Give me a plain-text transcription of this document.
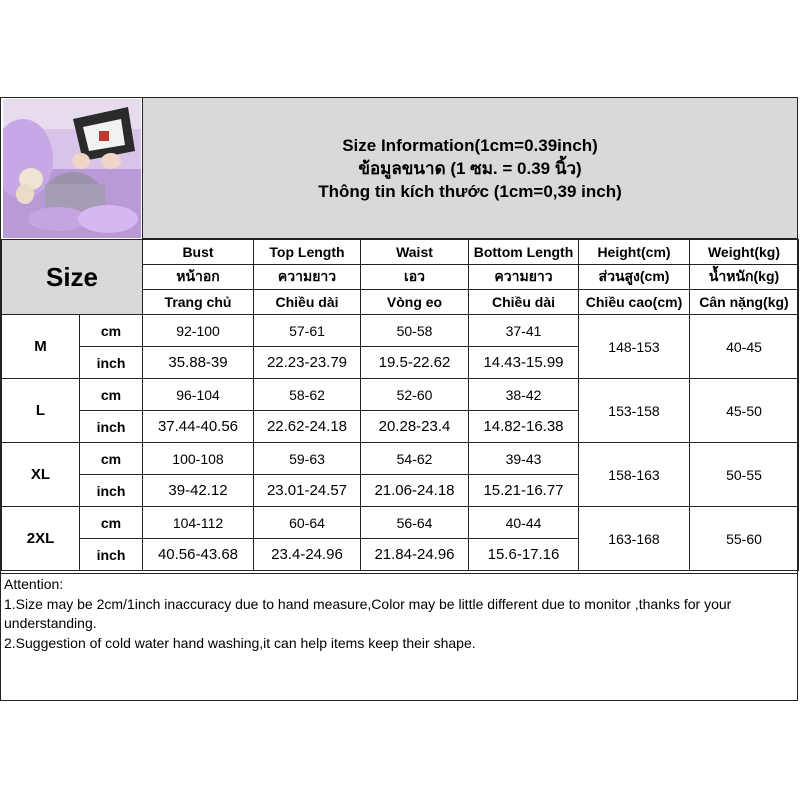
Size Information(1cm=0.39inch)
ข้อมูลขนาด (1 ซม. = 0.39 นิ้ว)
Thông tin kích thước (1cm=0,39 inch)
Size		Bust	Top Length	Waist	Bottom Length	Height(cm)	Weight(kg)
		หน้าอก	ความยาว	เอว	ความยาว	ส่วนสูง(cm)	น้ำหนัก(kg)
		Trang chủ	Chiều dài	Vòng eo	Chiều dài	Chiều cao(cm)	Cân nặng(kg)
M	cm	92-100	57-61	50-58	37-41	148-153	40-45
	inch	35.88-39	22.23-23.79	19.5-22.62	14.43-15.99		
L	cm	96-104	58-62	52-60	38-42	153-158	45-50
	inch	37.44-40.56	22.62-24.18	20.28-23.4	14.82-16.38		
XL	cm	100-108	59-63	54-62	39-43	158-163	50-55
	inch	39-42.12	23.01-24.57	21.06-24.18	15.21-16.77		
2XL	cm	104-112	60-64	56-64	40-44	163-168	55-60
	inch	40.56-43.68	23.4-24.96	21.84-24.96	15.6-17.16		
Attention:
1.Size may be 2cm/1inch inaccuracy due to hand measure,Color may be little different due to monitor ,thanks for your understanding.
2.Suggestion of cold water hand washing,it can help items keep their shape.
